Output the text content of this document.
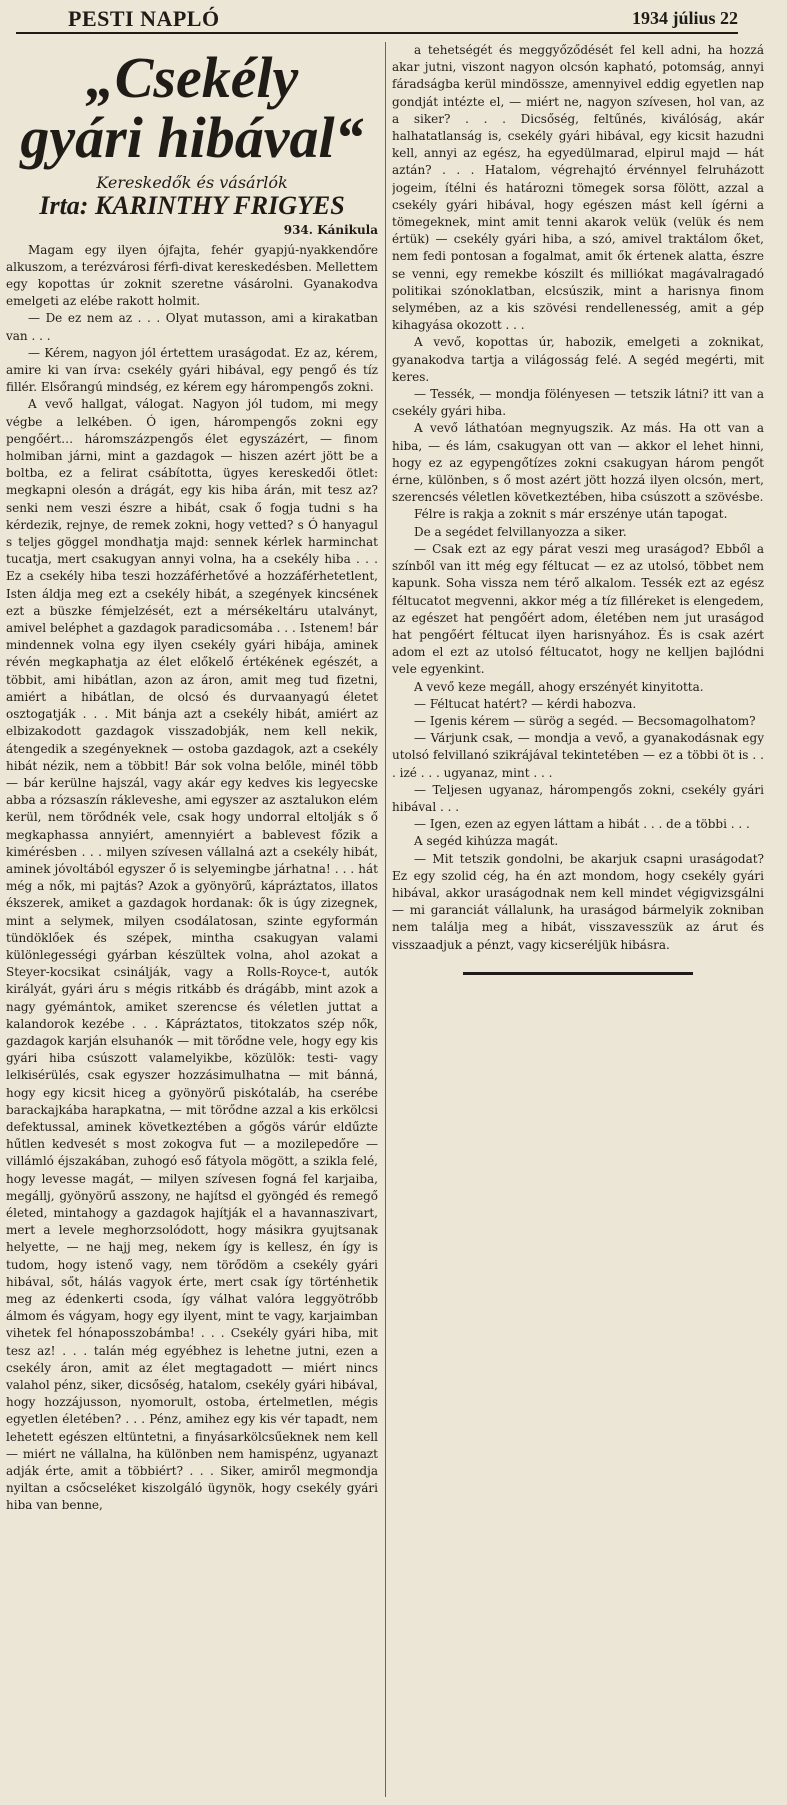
PESTI NAPLÓ	1934 július 22
„Csekély
gyári hibával“
Kereskedők és vásárlók
Irta: KARINTHY FRIGYES
934. Kánikula

Magam egy ilyen ójfajta, fehér gyapjú-nyakkendőre alkuszom, a terézvárosi férfi-divat kereskedésben. Mellettem egy kopottas úr zoknit szeretne vásárolni. Gyanakodva emelgeti az elébe rakott holmit.

— De ez nem az . . . Olyat mutasson, ami a kirakatban van . . .

— Kérem, nagyon jól értettem uraságodat. Ez az, kérem, amire ki van írva: csekély gyári hibával, egy pengő és tíz fillér. Elsőrangú mindség, ez kérem egy hárompengős zokni.

A vevő hallgat, válogat. Nagyon jól tudom, mi megy végbe a lelkében. Ó igen, hárompengős zokni egy pengőért… háromszázpengős élet egyszázért, — finom holmiban járni, mint a gazdagok — hiszen azért jött be a boltba, ez a felirat csábította, ügyes kereskedői ötlet: megkapni olesón a drágát, egy kis hiba árán, mit tesz az? senki nem veszi észre a hibát, csak ő fogja tudni s ha kérdezik, rejnye, de remek zokni, hogy vetted? s Ó hanyagul s teljes göggel mondhatja majd: sennek kérlek harminchat tucatja, mert csakugyan annyi volna, ha a csekély hiba . . . Ez a csekély hiba teszi hozzáférhetővé a hozzáférhetetlent, Isten áldja meg ezt a csekély hibát, a szegények kincsének ezt a büszke fémjelzését, ezt a mérsékeltáru utalványt, amivel beléphet a gazdagok paradicsomába . . . Istenem! bár mindennek volna egy ilyen csekély gyári hibája, aminek révén megkaphatja az élet előkelő értékének egészét, a többit, ami hibátlan, azon az áron, amit meg tud fizetni, amiért a hibátlan, de olcsó és durvaanyagú életet osztogatják . . . Mit bánja azt a csekély hibát, amiért az elbizakodott gazdagok visszadobják, nem kell nekik, átengedik a szegényeknek — ostoba gazdagok, azt a csekély hibát nézik, nem a többit! Bár sok volna belőle, minél több — bár kerülne hajszál, vagy akár egy kedves kis legyecske abba a rózsaszín rákleveshe, ami egyszer az asztalukon elém kerül, nem törődnék vele, csak hogy undorral eltolják s ő megkaphassa annyiért, amennyiért a bablevest főzik a kimérésben . . . milyen szívesen vállalná azt a csekély hibát, aminek jóvoltából egyszer ő is selyemingbe járhatna! . . . hát még a nők, mi pajtás? Azok a gyönyörű, kápráztatos, illatos ékszerek, amiket a gazdagok hordanak: ők is úgy zizegnek, mint a selymek, milyen csodálatosan, szinte egyformán tündöklőek és szépek, mintha csakugyan valami különlegességi gyárban készültek volna, ahol azokat a Steyer-kocsikat csinálják, vagy a Rolls-Royce-t, autók királyát, gyári áru s mégis ritkább és drágább, mint azok a nagy gyémántok, amiket szerencse és véletlen juttat a kalandorok kezébe . . . Kápráztatos, titokzatos szép nők, gazdagok karján elsuhanók — mit törődne vele, hogy egy kis gyári hiba csúszott valamelyikbe, közülök: testi- vagy lelkisérülés, csak egyszer hozzásimulhatna — mit bánná, hogy egy kicsit hiceg a gyönyörű piskótaláb, ha cserébe barackajkába harapkatna, — mit törődne azzal a kis erkölcsi defektussal, aminek következtében a gőgös várúr eldűzte hűtlen kedvesét s most zokogva fut — a mozilepedőre — villámló éjszakában, zuhogó eső fátyola mögött, a szikla felé, hogy levesse magát, — milyen szívesen fogná fel karjaiba, megállj, gyönyörű asszony, ne hajítsd el gyöngéd és remegő életed, mintahogy a gazdagok hajítják el a havannaszivart, mert a levele meghorzsolódott, hogy másikra gyujtsanak helyette, — ne hajj meg, nekem így is kellesz, én így is tudom, hogy istenő vagy, nem törődöm a csekély gyári hibával, sőt, hálás vagyok érte, mert csak így történhetik meg az édenkerti csoda, így válhat valóra leggyötrőbb álmom és vágyam, hogy egy ilyent, mint te vagy, karjaimban vihetek fel hónaposszobámba! . . . Csekély gyári hiba, mit tesz az! . . . talán még egyébhez is lehetne jutni, ezen a csekély áron, amit az élet megtagadott — miért nincs valahol pénz, siker, dicsőség, hatalom, csekély gyári hibával, hogy hozzájusson, nyomorult, ostoba, értelmetlen, mégis egyetlen életében? . . . Pénz, amihez egy kis vér tapadt, nem lehetett egészen eltüntetni, a finyásarkölcsűeknek nem kell — miért ne vállalna, ha különben nem hamispénz, ugyanazt adják érte, amit a többiért? . . . Siker, amiről megmondja nyiltan a csőcseléket kiszolgáló ügynök, hogy csekély gyári hiba van benne,

a tehetségét és meggyőződését fel kell adni, ha hozzá akar jutni, viszont nagyon olcsón kapható, potomság, annyi fáradságba kerül mindössze, amennyivel eddig egyetlen nap gondját intézte el, — miért ne, nagyon szívesen, hol van, az a siker? . . . Dicsőség, feltűnés, kiválóság, akár halhatatlanság is, csekély gyári hibával, egy kicsit hazudni kell, annyi az egész, ha egyedülmarad, elpirul majd — hát aztán? . . . Hatalom, végrehajtó érvénnyel felruházott jogeim, ítélni és határozni tömegek sorsa fölött, azzal a csekély gyári hibával, hogy egészen mást kell ígérni a tömegeknek, mint amit tenni akarok velük (velük és nem értük) — csekély gyári hiba, a szó, amivel traktálom őket, nem fedi pontosan a fogalmat, amit ők értenek alatta, észre se venni, egy remekbe kószilt és milliókat magávalragadó politikai szónoklatban, elcsúszik, mint a harisnya finom selymében, az a kis szövési rendellenesség, amit a gép kihagyása okozott . . .

A vevő, kopottas úr, habozik, emelgeti a zoknikat, gyanakodva tartja a világosság felé. A segéd megérti, mit keres.

— Tessék, — mondja fölényesen — tetszik látni? itt van a csekély gyári hiba.

A vevő láthatóan megnyugszik. Az más. Ha ott van a hiba, — és lám, csakugyan ott van — akkor el lehet hinni, hogy ez az egypengőtízes zokni csakugyan három pengőt érne, különben, s ő most azért jött hozzá ilyen olcsón, mert, szerencsés véletlen következtében, hiba csúszott a szövésbe.

Félre is rakja a zoknit s már erszénye után tapogat.

De a segédet felvillanyozza a siker.

— Csak ezt az egy párat veszi meg uraságod? Ebből a színből van itt még egy féltucat — ez az utolsó, többet nem kapunk. Soha vissza nem térő alkalom. Tessék ezt az egész féltucatot megvenni, akkor még a tíz filléreket is elengedem, az egészet hat pengőért adom, életében nem jut uraságod hat pengőért féltucat ilyen harisnyához. És is csak azért adom el ezt az utolsó féltucatot, hogy ne kelljen bajlódni vele egyenkint.

A vevő keze megáll, ahogy erszényét kinyitotta.

— Féltucat hatért? — kérdi habozva.

— Igenis kérem — sürög a segéd. — Becsomagolhatom?

— Várjunk csak, — mondja a vevő, a gyanakodásnak egy utolsó felvillanó szikrájával tekintetében — ez a többi öt is . . . izé . . . ugyanaz, mint . . .

— Teljesen ugyanaz, hárompengős zokni, csekély gyári hibával . . .

— Igen, ezen az egyen láttam a hibát . . . de a többi . . .

A segéd kihúzza magát.

— Mit tetszik gondolni, be akarjuk csapni uraságodat? Ez egy szolid cég, ha én azt mondom, hogy csekély gyári hibával, akkor uraságodnak nem kell mindet végigvizsgálni — mi garanciát vállalunk, ha uraságod bármelyik zokniban nem találja meg a hibát, visszavesszük az árut és visszaadjuk a pénzt, vagy kicseréljük hibásra.
